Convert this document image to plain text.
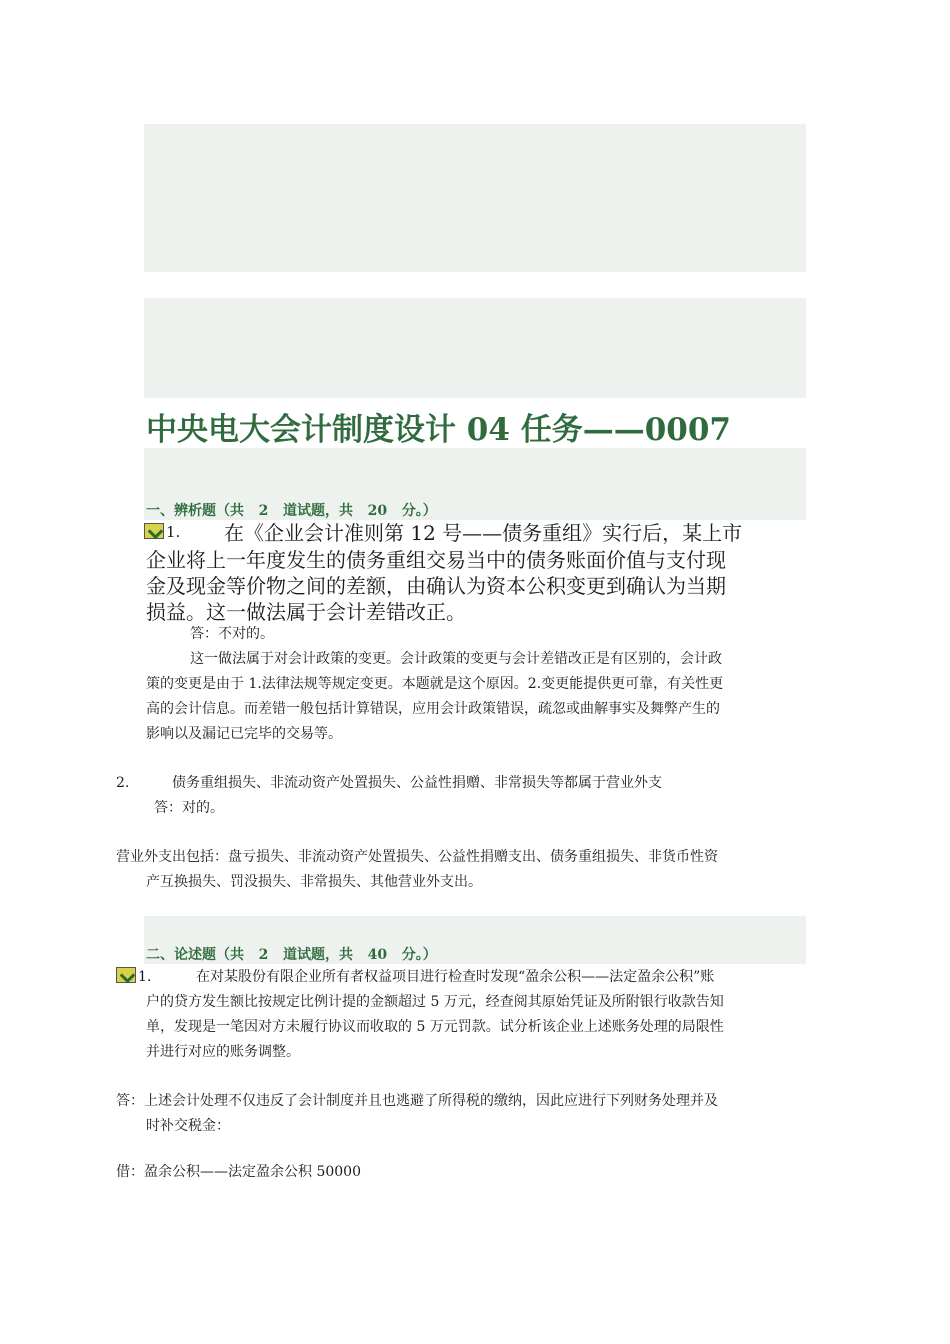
中央电大会计制度设计 04 任务——0007
一、辨析题（共   2   道试题，共   20   分。）
1. 在《企业会计准则第 12 号——债务重组》实行后，某上市
企业将上一年度发生的债务重组交易当中的债务账面价值与支付现
金及现金等价物之间的差额，由确认为资本公积变更到确认为当期
损益。这一做法属于会计差错改正。
答：不对的。
这一做法属于对会计政策的变更。会计政策的变更与会计差错改正是有区别的，会计政
策的变更是由于 1.法律法规等规定变更。本题就是这个原因。2.变更能提供更可靠，有关性更
高的会计信息。而差错一般包括计算错误，应用会计政策错误，疏忽或曲解事实及舞弊产生的
影响以及漏记已完毕的交易等。
2.	债务重组损失、非流动资产处置损失、公益性捐赠、非常损失等都属于营业外支
答：对的。
营业外支出包括：盘亏损失、非流动资产处置损失、公益性捐赠支出、债务重组损失、非货币性资
产互换损失、罚没损失、非常损失、其他营业外支出。
二、论述题（共   2   道试题，共   40   分。）
1.	在对某股份有限企业所有者权益项目进行检查时发现“盈余公积——法定盈余公积”账
户的贷方发生额比按规定比例计提的金额超过 5 万元，经查阅其原始凭证及所附银行收款告知
单，发现是一笔因对方未履行协议而收取的 5 万元罚款。试分析该企业上述账务处理的局限性
并进行对应的账务调整。
答：上述会计处理不仅违反了会计制度并且也逃避了所得税的缴纳，因此应进行下列财务处理并及
时补交税金：
借：盈余公积——法定盈余公积 50000
